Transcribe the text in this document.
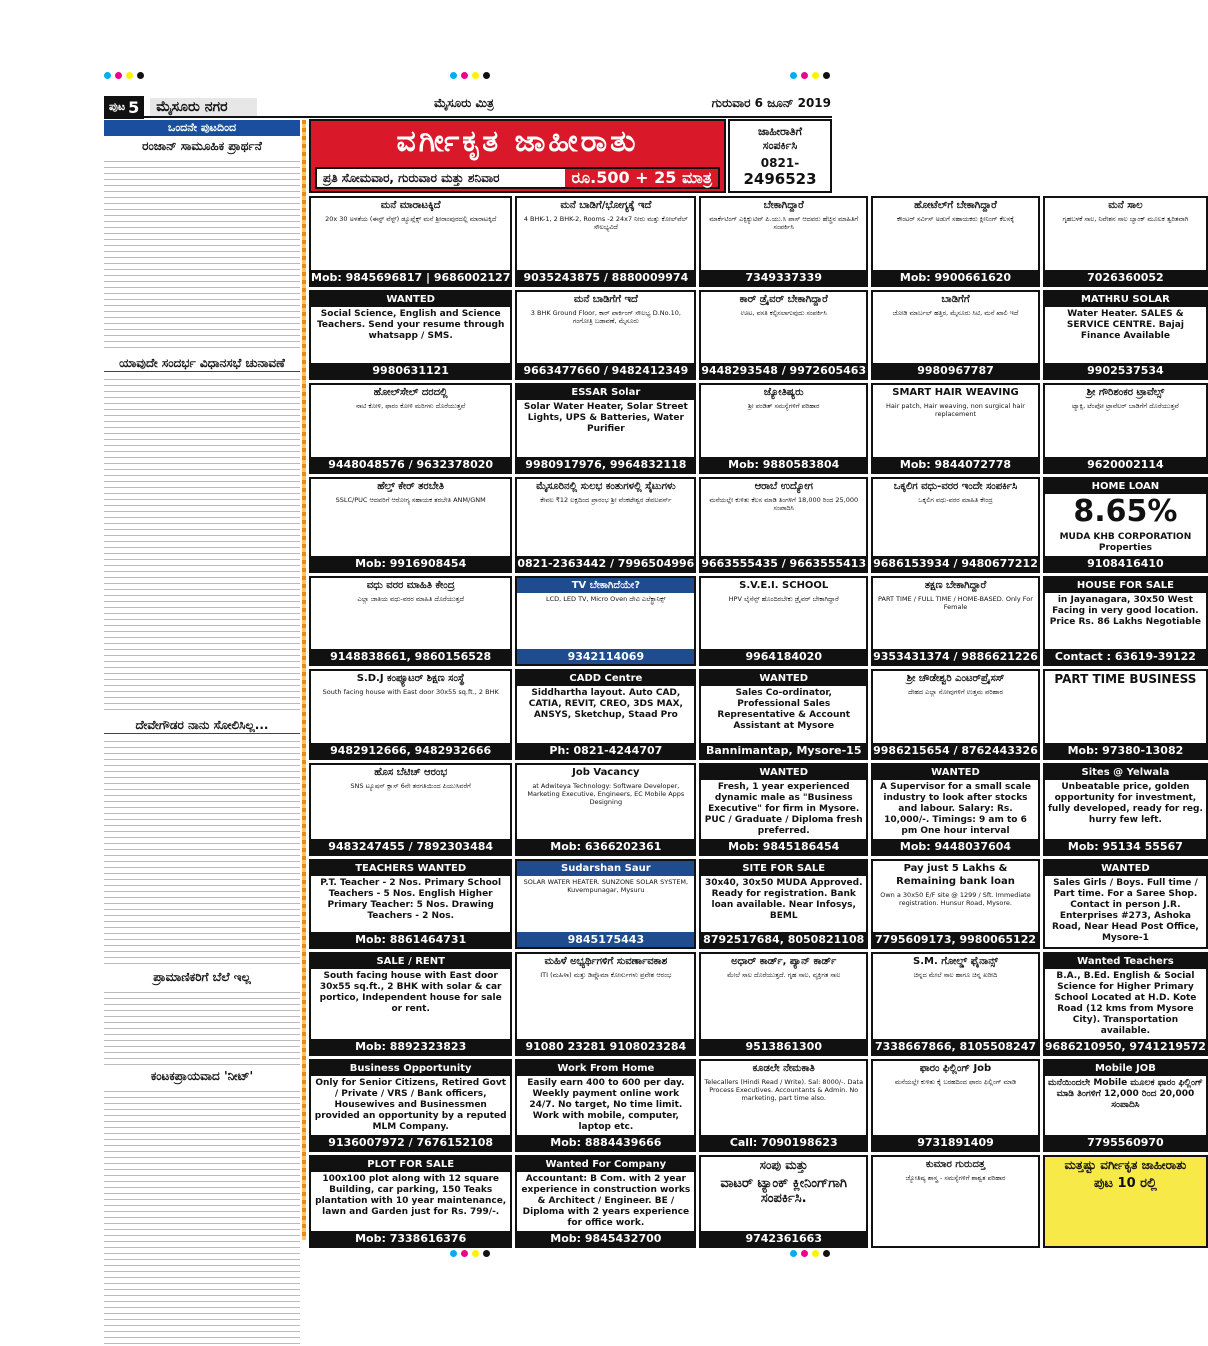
ಪುಟ 5	ಮೈಸೂರು ನಗರ	ಮೈಸೂರು ಮಿತ್ರ	ಗುರುವಾರ 6 ಜೂನ್ 2019
ಒಂದನೇ ಪುಟದಿಂದ
ರಂಜಾನ್ ಸಾಮೂಹಿಕ ಪ್ರಾರ್ಥನೆ
ಯಾವುದೇ ಸಂದರ್ಭ ವಿಧಾನಸಭೆ ಚುನಾವಣೆ
ದೇವೇಗೌಡರ ನಾನು ಸೋಲಿಸಿಲ್ಲ...
ಪ್ರಾಮಾಣಿಕರಿಗೆ ಬೆಲೆ ಇಲ್ಲ
ಕಂಟಕಪ್ರಾಯವಾದ 'ನೀಟ್'
ವರ್ಗೀಕೃತ ಜಾಹೀರಾತು
ಪ್ರತಿ ಸೋಮವಾರ, ಗುರುವಾರ ಮತ್ತು ಶನಿವಾರ	ರೂ.500 + 25 ಮಾತ್ರ
ಜಾಹೀರಾತಿಗೆ
ಸಂಪರ್ಕಿಸಿ
0821-
2496523
ಮನೆ ಮಾರಾಟಕ್ಕಿದೆ
20x 30 ಅಳತೆಯ (ಈಸ್ಟ್ ವೆಸ್ಟ್) ಡ್ಯೂಪ್ಲೆಕ್ಸ್ ಮನೆ ಶ್ರೀರಾಂಪುರದಲ್ಲಿ ಮಾರಾಟಕ್ಕಿದೆ
Mob: 9845696817 | 9686002127
ಮನೆ ಬಾಡಿಗೆ/ಭೋಗ್ಯಕ್ಕೆ ಇದೆ
4 BHK-1, 2 BHK-2, Rooms -2 24x7 ನೀರು ಮತ್ತು ಕೋಲ್‌ವೆಲ್ ಸೌಲಭ್ಯವಿದೆ
9035243875 / 8880009974
ಬೇಕಾಗಿದ್ದಾರೆ
ಮಾರ್ಕೆಟಿಂಗ್ ಎಕ್ಸಿಕ್ಯುಟಿವ್ ಪಿ.ಯು.ಸಿ ಪಾಸ್ ಆದವರು ಹೆಚ್ಚಿನ ಮಾಹಿತಿಗೆ ಸಂಪರ್ಕಿಸಿ
7349337339
ಹೋಟೆಲ್‌ಗೆ ಬೇಕಾಗಿದ್ದಾರೆ
ಕೌಂಟರ್ ಸರ್ವಿಸ್ ಅಡುಗೆ ಸಹಾಯಕರು ಕ್ಲೀನಿಂಗ್ ಕೆಲಸಕ್ಕೆ
Mob: 9900661620
ಮನೆ ಸಾಲ
ಗೃಹಬಳಕೆ ಸಾಲ, ನಿವೇಶನ ಸಾಲ ಬ್ಯಾಂಕ್ ಮೂಲಕ ತ್ವರಿತವಾಗಿ
7026360052
WANTED
Social Science, English and Science Teachers. Send your resume through whatsapp / SMS.
9980631121
ಮನೆ ಬಾಡಿಗೆಗೆ ಇದೆ
3 BHK Ground Floor, ಕಾರ್ ಪಾರ್ಕಿಂಗ್ ಸೌಲಭ್ಯ D.No.10, ಗಂಗೋತ್ರಿ ಬಡಾವಣೆ, ಮೈಸೂರು
9663477660 / 9482412349
ಕಾರ್ ಡ್ರೈವರ್ ಬೇಕಾಗಿದ್ದಾರೆ
ಊಟ, ವಸತಿ ಕಲ್ಪಿಸಲಾಗುವುದು ಸಂಪರ್ಕಿಸಿ
9448293548 / 9972605463
ಬಾಡಿಗೆಗೆ
ಜೋಡಿ ಮಾರ್ಬಲ್ ಹತ್ತಿರ, ಮೈಸೂರು ಸಿಟಿ, ಮನೆ ಖಾಲಿ ಇದೆ
9980967787
MATHRU SOLAR
Water Heater. SALES & SERVICE CENTRE. Bajaj Finance Available
9902537534
ಹೋಲ್‌ಸೇಲ್ ದರದಲ್ಲಿ
ನಾಟಿ ಕೋಳಿ, ಫಾರಂ ಕೋಳಿ ಮರಿಗಳು ದೊರೆಯುತ್ತವೆ
9448048576 / 9632378020
ESSAR Solar
Solar Water Heater, Solar Street Lights, UPS & Batteries, Water Purifier
9980917976, 9964832118
ಜ್ಯೋತಿಷ್ಯರು
ಶ್ರೀ ಪಂಡಿತ್ ಸಮಸ್ಯೆಗಳಿಗೆ ಪರಿಹಾರ
Mob: 9880583804
SMART HAIR WEAVING
Hair patch, Hair weaving, non surgical hair replacement
Mob: 9844072778
ಶ್ರೀ ಗೌರಿಶಂಕರ ಟ್ರಾವೆಲ್ಸ್
ಟ್ಯಾಕ್ಸಿ, ಟೆಂಪೋ ಟ್ರಾವೆಲರ್ ಬಾಡಿಗೆಗೆ ದೊರೆಯುತ್ತವೆ
9620002114
ಹೆಲ್ತ್ ಕೇರ್ ತರಬೇತಿ
SSLC/PUC ಆದವರಿಗೆ ಆರೋಗ್ಯ ಸಹಾಯಕ ತರಬೇತಿ ANM/GNM
Mob: 9916908454
ಮೈಸೂರಿನಲ್ಲಿ ಸುಲಭ ಕಂತುಗಳಲ್ಲಿ ಸೈಟುಗಳು
ಕೇವಲ ₹12 ಲಕ್ಷದಿಂದ ಪ್ರಾರಂಭ ಶ್ರೀ ವೆಂಕಟೇಶ್ವರ ಡೆವಲಪರ್ಸ್
0821-2363442 / 7996504996
ಆರಾಬೆ ಉದ್ಯೋಗ
ಮನೆಯಲ್ಲೇ ಕುಳಿತು ಕೆಲಸ ಮಾಡಿ ತಿಂಗಳಿಗೆ 18,000 ರಿಂದ 25,000 ಸಂಪಾದಿಸಿ
9663555435 / 9663555413
ಒಕ್ಕಲಿಗ ವಧು-ವರರ ಇಂದೇ ಸಂಪರ್ಕಿಸಿ
ಒಕ್ಕಲಿಗ ವಧು-ವರರ ಮಾಹಿತಿ ಕೇಂದ್ರ
9686153934 / 9480677212
HOME LOAN
8.65%
MUDA KHB CORPORATION Properties
9108416410
ವಧು ವರರ ಮಾಹಿತಿ ಕೇಂದ್ರ
ಎಲ್ಲಾ ಜಾತಿಯ ವಧು-ವರರ ಮಾಹಿತಿ ದೊರೆಯುತ್ತದೆ
9148838661, 9860156528
TV ಬೇಕಾಗಿದೆಯೇ?
LCD, LED TV, Micro Oven ದೇವಿ ಎಲೆಕ್ಟ್ರಾನಿಕ್ಸ್
9342114069
S.V.E.I. SCHOOL
HPV ಲೈಸೆನ್ಸ್ ಹೊಂದಿರಬೇಕು ಡ್ರೈವರ್ ಬೇಕಾಗಿದ್ದಾರೆ
9964184020
ತಕ್ಷಣ ಬೇಕಾಗಿದ್ದಾರೆ
PART TIME / FULL TIME / HOME-BASED. Only For Female
9353431374 / 9886621226
HOUSE FOR SALE
in Jayanagara, 30x50 West Facing in very good location. Price Rs. 86 Lakhs Negotiable
Contact : 63619-39122
S.D.J ಕಂಪ್ಯೂಟರ್ ಶಿಕ್ಷಣ ಸಂಸ್ಥೆ
South facing house with East door 30x55 sq.ft., 2 BHK
9482912666, 9482932666
CADD Centre
Siddhartha layout. Auto CAD, CATIA, REVIT, CREO, 3DS MAX, ANSYS, Sketchup, Staad Pro
Ph: 0821-4244707
WANTED
Sales Co-ordinator, Professional Sales Representative & Account Assistant at Mysore
Bannimantap, Mysore-15
ಶ್ರೀ ಚೌಡೇಶ್ವರಿ ಎಂಟರ್‌ಪ್ರೈಸಸ್
ದೇಹದ ಎಲ್ಲಾ ನೋವುಗಳಿಗೆ ಉತ್ತಮ ಪರಿಹಾರ
9986215654 / 8762443326
PART TIME BUSINESS
Mob: 97380-13082
ಹೊಸ ಬೆಟಿಚ್ ಆರಂಭ
SNS ಟ್ಯೂಷನ್ ಕ್ಲಾಸ್ 6ನೇ ತರಗತಿಯಿಂದ ಪಿಯುಸಿವರೆಗೆ
9483247455 / 7892303484
Job Vacancy
at Adwiteya Technology: Software Developer, Marketing Executive, Engineers, EC Mobile Apps Designing
Mob: 6366202361
WANTED
Fresh, 1 year experienced dynamic male as "Business Executive" for firm in Mysore. PUC / Graduate / Diploma fresh preferred.
Mob: 9845186454
WANTED
A Supervisor for a small scale industry to look after stocks and labour. Salary: Rs. 10,000/-. Timings: 9 am to 6 pm One hour interval
Mob: 9448037604
Sites @ Yelwala
Unbeatable price, golden opportunity for investment, fully developed, ready for reg. hurry few left.
Mob: 95134 55567
TEACHERS WANTED
P.T. Teacher - 2 Nos. Primary School Teachers - 5 Nos. English Higher Primary Teacher: 5 Nos. Drawing Teachers - 2 Nos.
Mob: 8861464731
Sudarshan Saur
SOLAR WATER HEATER. SUNZONE SOLAR SYSTEM, Kuvempunagar, Mysuru
9845175443
SITE FOR SALE
30x40, 30x50 MUDA Approved. Ready for registration. Bank loan available. Near Infosys, BEML
8792517684, 8050821108
Pay just 5 Lakhs & Remaining bank loan
Own a 30x50 E/F site @ 1299 / Sft. Immediate registration. Hunsur Road, Mysore.
7795609173, 9980065122
WANTED
Sales Girls / Boys. Full time / Part time. For a Saree Shop. Contact in person J.R. Enterprises #273, Ashoka Road, Near Head Post Office, Mysore-1
SALE / RENT
South facing house with East door 30x55 sq.ft., 2 BHK with solar & car portico, Independent house for sale or rent.
Mob: 8892323823
ಮಹಿಳೆ ಅಭ್ಯರ್ಥಿಗಳಿಗೆ ಸುವರ್ಣಾವಕಾಶ
ITI (ಮಹಿಳಾ) ಮತ್ತು ಡಿಪ್ಲೊಮಾ ಕೋರ್ಸುಗಳು ಪ್ರವೇಶ ಆರಂಭ
91080 23281 9108023284
ಅಧಾರ್ ಕಾರ್ಡ್, ಪ್ಯಾನ್ ಕಾರ್ಡ್
ಮೇಲೆ ಸಾಲ ದೊರೆಯುತ್ತದೆ. ಗೃಹ ಸಾಲ, ವ್ಯಕ್ತಿಗತ ಸಾಲ
9513861300
S.M. ಗೋಲ್ಡ್ ಫೈನಾನ್ಸ್
ಚಿನ್ನದ ಮೇಲೆ ಸಾಲ ಹಾಗೂ ಚಿನ್ನ ಖರೀದಿ
7338667866, 8105508247
Wanted Teachers
B.A., B.Ed. English & Social Science for Higher Primary School Located at H.D. Kote Road (12 kms from Mysore City). Transportation available.
9686210950, 9741219572
Business Opportunity
Only for Senior Citizens, Retired Govt / Private / VRS / Bank officers, Housewives and Businessmen provided an opportunity by a reputed MLM Company.
9136007972 / 7676152108
Work From Home
Easily earn 400 to 600 per day. Weekly payment online work 24/7. No target, No time limit. Work with mobile, computer, laptop etc.
Mob: 8884439666
ಕೂಡಲೇ ನೇಮಕಾತಿ
Telecallers (Hindi Read / Write). Sal: 8000/-. Data Process Executives. Accountants & Admin. No marketing, part time also.
Call: 7090198623
ಫಾರಂ ಫಿಲ್ಲಿಂಗ್ Job
ಮನೆಯಲ್ಲೇ ಕುಳಿತು ಕೈ ಬರಹದಿಂದ ಫಾರಂ ಫಿಲ್ಲಿಂಗ್ ಮಾಡಿ
9731891409
Mobile JOB
ಮನೆಯಿಂದಲೇ Mobile ಮೂಲಕ ಫಾರಂ ಫಿಲ್ಲಿಂಗ್ ಮಾಡಿ ತಿಂಗಳಿಗೆ 12,000 ರಿಂದ 20,000 ಸಂಪಾದಿಸಿ
7795560970
PLOT FOR SALE
100x100 plot along with 12 square Building, car parking, 150 Teaks plantation with 10 year maintenance, lawn and Garden just for Rs. 799/-.
Mob: 7338616376
Wanted For Company
Accountant: B Com. with 2 year experience in construction works & Architect / Engineer. BE / Diploma with 2 years experience for office work.
Mob: 9845432700
ಸಂಪು ಮತ್ತು
ವಾಟರ್ ಟ್ಯಾಂಕ್ ಕ್ಲೀನಿಂಗ್‌ಗಾಗಿ ಸಂಪರ್ಕಿಸಿ.
9742361663
ಕುಮಾರ ಗುರುದತ್ತ
ಜ್ಯೋತಿಷ್ಯ ಶಾಸ್ತ್ರ - ಸಮಸ್ಯೆಗಳಿಗೆ ಶಾಶ್ವತ ಪರಿಹಾರ
ಮತ್ತಷ್ಟು ವರ್ಗೀಕೃತ ಜಾಹೀರಾತು
ಪುಟ 10 ರಲ್ಲಿ
